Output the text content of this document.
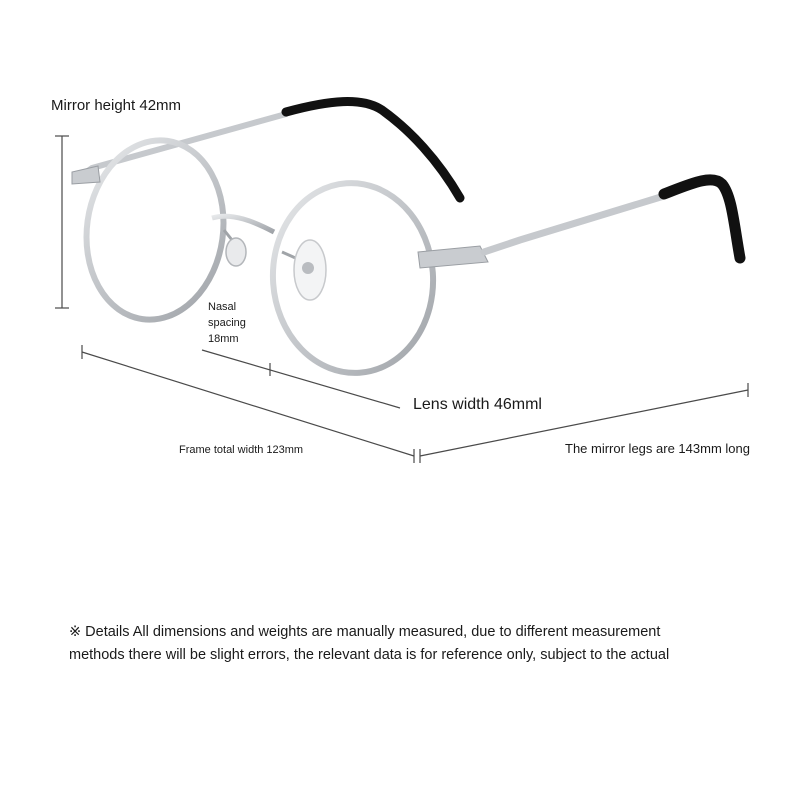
Mirror height 42mm
Nasal
spacing
18mm
Lens width 46mml
Frame total width 123mm	The mirror legs are 143mm long
※ Details All dimensions and weights are manually measured, due to different measurement
methods there will be slight errors, the relevant data is for reference only, subject to the actual
